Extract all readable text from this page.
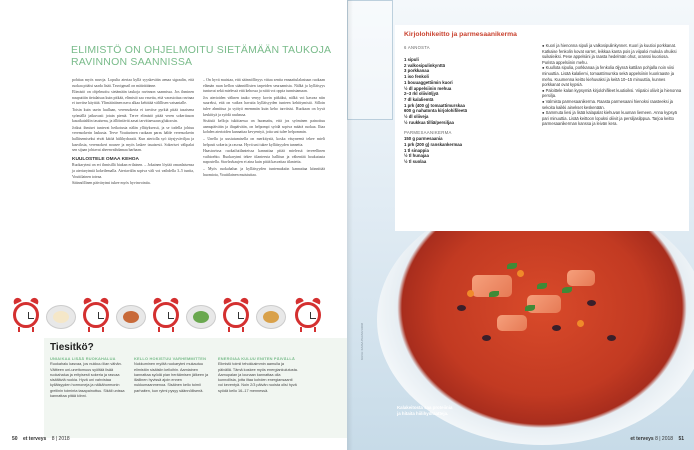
ELIMISTÖ ON OHJELMOITU SIETÄMÄÄN TAUKOJA RAVINNON SAANNISSA

pohtiaa myös navoja. Lopulta ateriaa kyllä syyskevään aenaa sigraalin, että ruokaa pitäisi saada lisää. Tavoigmail on määrättänne.

Elimistö on ohjelmoitu sietämään taukoja ravinnon saannissa. Jos ihminen nauputtiin tietalaisaa kuin pitkää, elimistö saa vasetta, että varastoitua ravinaa ei tarvitse käyttää. Ylimääräinen nava alkaa kehittää välillisen vatsantalle.

Toisin kuin usein luullaan, verensokeria ei tarvitse pyrkiä pitää tasaisena syömällä jatkuvasti jotain pientä. Terve elimistö pitää veren sokeritason kasaikaiahlin tasaisena, ja ällöintävät aasat tarvittaessaan glukoosin.

Jotkut ihmiset tuntevat heikotusta nälän yllätyksessä, ja se todella johtuu verensokerin laskusta. Terve Vouttarinen ruokaan paras hälde verensokerin hallitsemiseksi eivät kätöä hiilihydraatit. Kun ateriolla syö täysjyväviljaa ja kasviksia, verensokeri nousee ja myös laskee tasaisesti. Sokeriset välipalat sen sijaan johtavat aheenvaihdamaa barbaan.

KUULOSTELE OMAA KEHOA

Ruokarytmi on eri ihmisillä hiukan erilainen. – Jokainen löytää omanlaisensa ja ateriarytmiä kokeilemalla. Ateriavälin sopiva väli voi vaihdella 3–5 tuntia, Vouttilainen toteaa.

Säännöllinen päivärytmi tukee myös hyvinvointia.

– On hyvä muistaa, että säännöllisyys vittaa sentta ennaattulalastuun ruokaan elämän ruan kellon säännöllisten tarpeiden seuraamista. Nälkä ja kylläisyys tuntuvat sekä mielessä että kehossa ja niitä voi oppia tunnistamaan.

Jos aterioiden välinen tauko venyy kovin pitkäksi, nälkä voi kasvaa niin suureksi, että on vaikea havaita kylläisyyden tunteen kehittymistä. Silloin tulee ahmittua ja syötyä enemmän kuin keho tarvitsisi. Ruokaan on hyvä keskittyä ja syödä rauhassa.

Sisäisiä kelloja tukittaessa on huomattu, että jos syöminen painottuu aamupäivään ja iltapäivään, on helpompi syödä sopiva määrä ruokaa. Iltaa kohden aterioiden kannattaa kevyentyä, jotta uni tulee helpommin.

– Unella ja uusiutumisella on merkitystä, koska väsyneenä tekee mieli helposti sokeria ja rasvaa. Hyvä uni tukee kylläisyyden tunnetta.

Haastavissa ruokailutilanteissa kannattaa pitää mielessä terveellinen vaihtoehto. Ruokarytmi tekee tilanteesta hallitun ja vähentää houkutusta napostella. Stavlavkaujen ei aina kuin pitää kasvattaa tilanteita.

– Myös ruokahalun ja kylläisyyden tuntemuksiin kannattaa kiinnittää huomiota, Vouttilainen muistuttaa.

Tiesitkö?
UNIAIKAA LISÄÄ RUOKAHALUA
Ruokahalu kasvaa, jos nukkuu liian vähän. Väitteen uni-unettomuus syöltää lisää ruokahalua ja erityisesti sokeria ja rasvaa sisältäviä ruokia. Hyvä uni vahvistaa kylläisyyden hormoneja ja nälkähormonin greliinin toiminta tasapainottuu. Sikäli unissa kannattaa pitää kiinni.
KELLO HOKISTUU VARHEMMITTEN
Nukkuminen myötä ruokarytmi mukautuu elimistön sisäisiin kelloihin. Aamiainen kannattaa syödä pian heräämisen jälkeen ja illallinen hyvissä ajoin ennen nukkumaanmenoa. Sisäinen kello toimii parhaiten, kun rytmi pysyy säännöllisenä.
ENERGIAA KULUU ENITEN PÄIVÄLLÄ
Elimistö toimii tehokkaimmin aamulla ja päivällä. Tämä koskee myös energiankulutusta. Aamupalan ja lounaan kannattaa olla kunnollisia, jotta iltaa kohden energiansaanti voi keventyä. Noin 2/3 päivän ruoista olisi hyvä syödä kello 16–17 mennessä.
50 et terveys 8 | 2018
Kirjolohikeitto ja parmesaanikerma
6 ANNOSTA
1 sipuli
2 valkosipulinkynttä
3 porkkanaa
1 iso fenkoli
1 bouuaggettiimin kuori
½ dl appelsiinin mehua
2–3 rkl oliiviöljyä
7 dl kalaliemtä
1 prk (400 g) tomaattimurskaa
600 g nahatonta kirjolohifileetä
½ dl oliiveja
½ ruukkua tilliä/persiljaa
PARMESAANIKERMA
150 g parmesaania
1 prk (200 g) ranskankermaa
1 tl sinappia
½ tl hunajaa
½ tl suolaa
● Kuori ja hienonna sipuli ja valkosipulinkynnet. Kuori ja kuutioi porkkanat. Katkaise fenkolin kovat varret, leikkaa kanta pois ja viipaloi mukula ohuiksi suikaleiksi. Pese appelsiini ja raasta hedelmän ohut, oranssi kuoriosa. Purista appelsiinin mehu.
● Kuullota sipulia, porkkanaa ja fenkolia öljyssä kattilan pohjalla noin viisi minuuttia. Lisää kalaliemi, tomaattimurska sekä appelsiinin kuoriraaste ja mehu. Kuumenna keitto kiehuvaksi ja keitä 10–15 minuuttia, kunnes porkkanat ovat kypsiä.
● Paloittele kalan kypsymiä kirjolohifileet kuutioiksi. Viipaloi oliivit ja hienonna persilja.
● Valmista parmesaanikerma. Raasta parmesaani hienoksi raasteeksi ja sekoita kaikki ainekset keskenään.
● Sammuta liesi ja lisää kalapalat kiehuvan kuuman liemeen. Anna kypsyä pari minuuttia. Lisää keittoon lopuksi oliivit ja persiljasilppua. Tarjoa keitto parmesaanikerman kanssa ja leivän kera.
KUVA: KAISA PAASIVUORI
Kalakeitosta saa proteiinia ja hitaita hiilihydraatteja.
et terveys 8 | 2018 51
